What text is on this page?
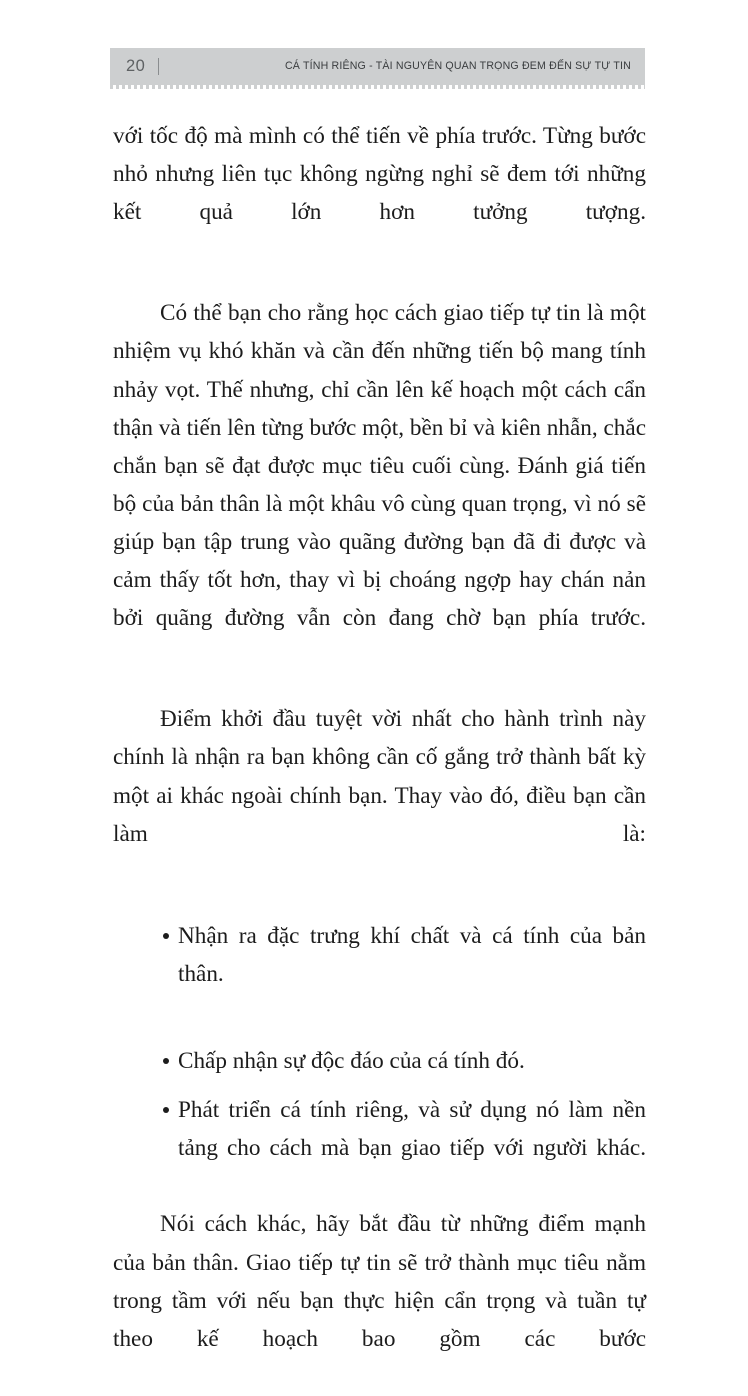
20	CÁ TÍNH RIÊNG - TÀI NGUYÊN QUAN TRỌNG ĐEM ĐẾN SỰ TỰ TIN

với tốc độ mà mình có thể tiến về phía trước. Từng bước nhỏ nhưng liên tục không ngừng nghỉ sẽ đem tới những kết quả lớn hơn tưởng tượng.

Có thể bạn cho rằng học cách giao tiếp tự tin là một nhiệm vụ khó khăn và cần đến những tiến bộ mang tính nhảy vọt. Thế nhưng, chỉ cần lên kế hoạch một cách cẩn thận và tiến lên từng bước một, bền bỉ và kiên nhẫn, chắc chắn bạn sẽ đạt được mục tiêu cuối cùng. Đánh giá tiến bộ của bản thân là một khâu vô cùng quan trọng, vì nó sẽ giúp bạn tập trung vào quãng đường bạn đã đi được và cảm thấy tốt hơn, thay vì bị choáng ngợp hay chán nản bởi quãng đường vẫn còn đang chờ bạn phía trước.

Điểm khởi đầu tuyệt vời nhất cho hành trình này chính là nhận ra bạn không cần cố gắng trở thành bất kỳ một ai khác ngoài chính bạn. Thay vào đó, điều bạn cần làm là:

Nhận ra đặc trưng khí chất và cá tính của bản thân.
Chấp nhận sự độc đáo của cá tính đó.
Phát triển cá tính riêng, và sử dụng nó làm nền tảng cho cách mà bạn giao tiếp với người khác.

Nói cách khác, hãy bắt đầu từ những điểm mạnh của bản thân. Giao tiếp tự tin sẽ trở thành mục tiêu nằm trong tầm với nếu bạn thực hiện cẩn trọng và tuần tự theo kế hoạch bao gồm các bước
